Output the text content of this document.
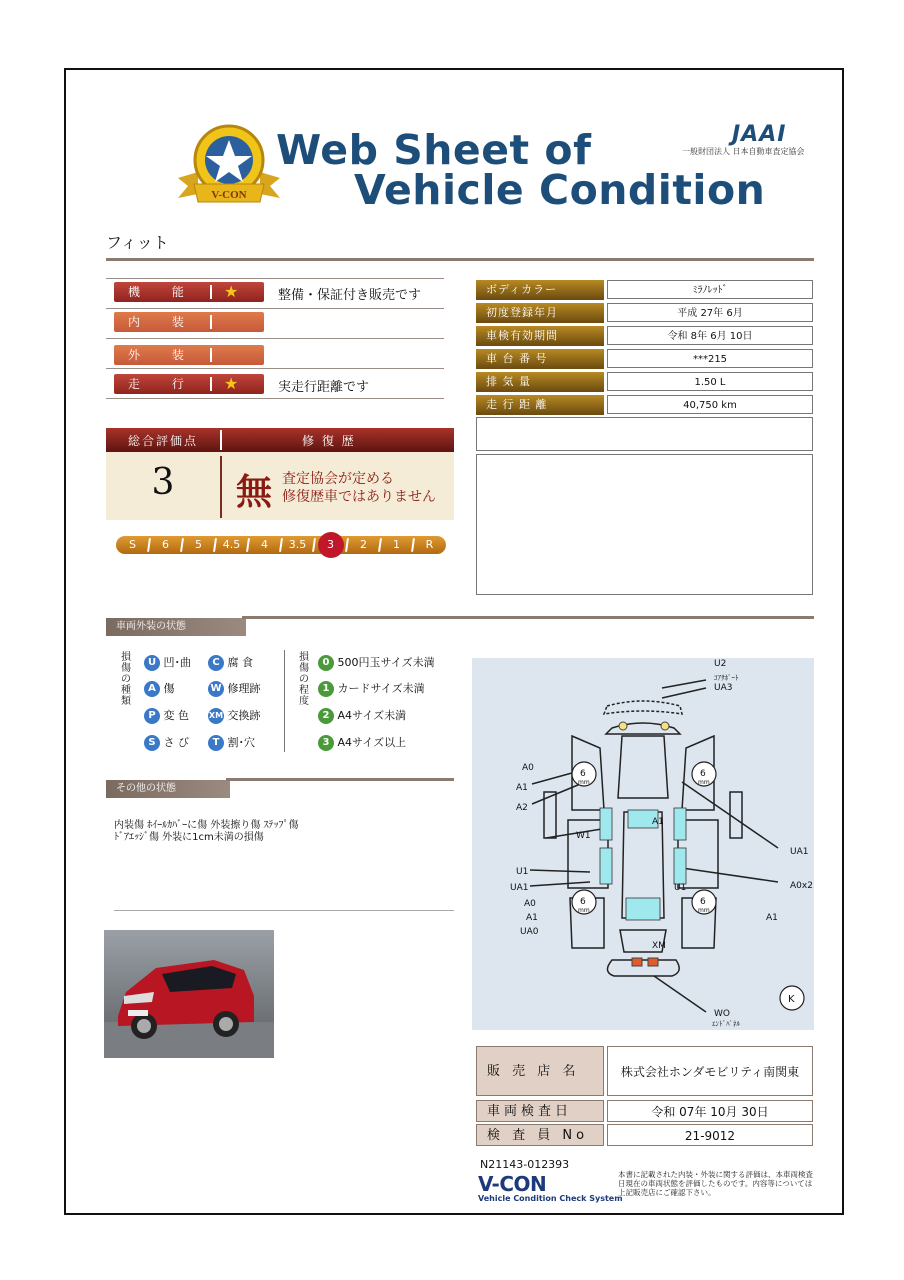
V-CON
Web Sheet of
Vehicle Condition
JAAI
一般財団法人 日本自動車査定協会
フィット
機 能 ★	整備・保証付き販売です
内 装
外 装
走 行 ★	実走行距離です
ボディカラー	ﾐﾗﾉﾚｯﾄﾞ
初度登録年月	平成 27年 6月
車検有効期間	令和 8年 6月 10日
車 台 番 号	***215
排 気 量	1.50 L
走 行 距 離	40,750 km
総合評価点	修 復 歴
3	無 査定協会が定める
修復歴車ではありません
S	6	5	4.5	4	3.5	3	2	1	R
車両外装の状態
損傷の種類
損傷の程度
U 凹･曲	C 腐 食
A 傷	W 修理跡
P 変 色 XM 交換跡
S さ び	T 割･穴
0 500円玉サイズ未満
1 カードサイズ未満
2 A4サイズ未満
3 A4サイズ以上
その他の状態
内装傷 ﾎｲｰﾙｶﾊﾞｰに傷 外装擦り傷 ｽﾃｯﾌﾟ傷
ﾄﾞｱｴｯｼﾞ傷 外装に1cm未満の損傷
U2
ｺｱｻﾎﾟｰﾄ
UA3
A0
A1
A2
W1
A1
UA1
U1
UA1	U1	A0x2
A0
A1
UA0
A1
XM
WO
ｴﾝﾄﾞﾊﾟﾈﾙ
K
6	6
6	6
mm	mm
mm	mm
販 売 店 名	株式会社ホンダモビリティ南関東
車両検査日	令和 07年 10月 30日
検 査 員 No	21-9012
N21143-012393
V-CON
Vehicle Condition Check System
本書に記載された内装・外装に関する評価は、本車両検査日現在の車両状態を評価したものです。内容等については上記販売店にご確認下さい。
